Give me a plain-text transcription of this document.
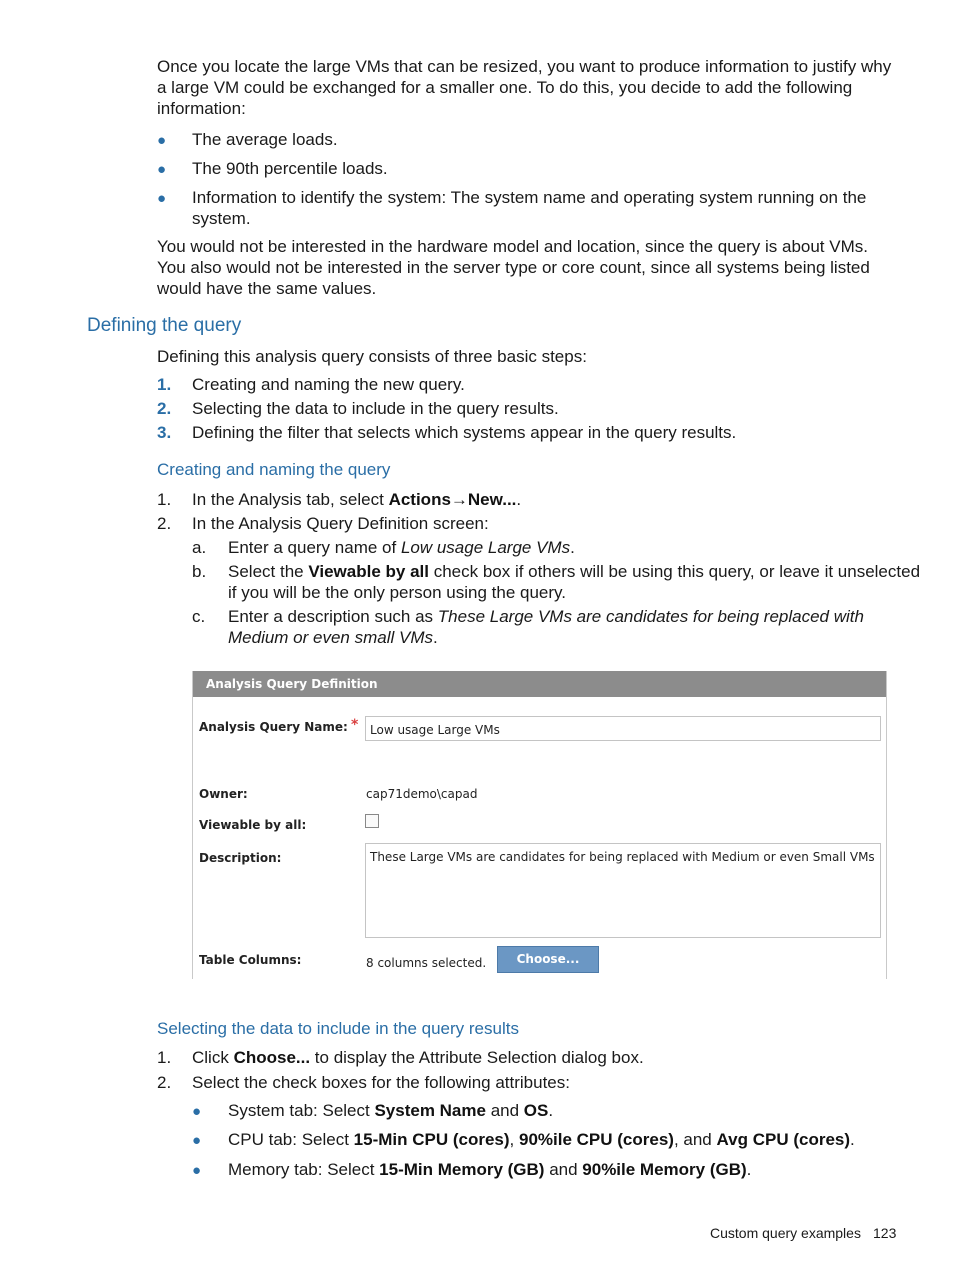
Once you locate the large VMs that can be resized, you want to produce information to justify why a large VM could be exchanged for a smaller one. To do this, you decide to add the following information:

● The average loads.

● The 90th percentile loads.

● Information to identify the system: The system name and operating system running on the system.

You would not be interested in the hardware model and location, since the query is about VMs. You also would not be interested in the server type or core count, since all systems being listed would have the same values.

Defining the query

Defining this analysis query consists of three basic steps:

1. Creating and naming the new query.

2. Selecting the data to include in the query results.

3. Defining the filter that selects which systems appear in the query results.

Creating and naming the query

1. In the Analysis tab, select Actions→New....

2. In the Analysis Query Definition screen:

a. Enter a query name of Low usage Large VMs.

b. Select the Viewable by all check box if others will be using this query, or leave it unselected

if you will be the only person using the query.

c. Enter a description such as These Large VMs are candidates for being replaced with

Medium or even small VMs.

Analysis Query Definition
Analysis Query Name: * Low usage Large VMs
Owner:	cap71demo\capad
Viewable by all:
Description:	These Large VMs are candidates for being replaced with Medium or even Small VMs
Table Columns:	8 columns selected.	Choose...

Selecting the data to include in the query results

1. Click Choose... to display the Attribute Selection dialog box.

2. Select the check boxes for the following attributes:

● System tab: Select System Name and OS.

● CPU tab: Select 15-Min CPU (cores), 90%ile CPU (cores), and Avg CPU (cores).

● Memory tab: Select 15-Min Memory (GB) and 90%ile Memory (GB).

Custom query examples 123
